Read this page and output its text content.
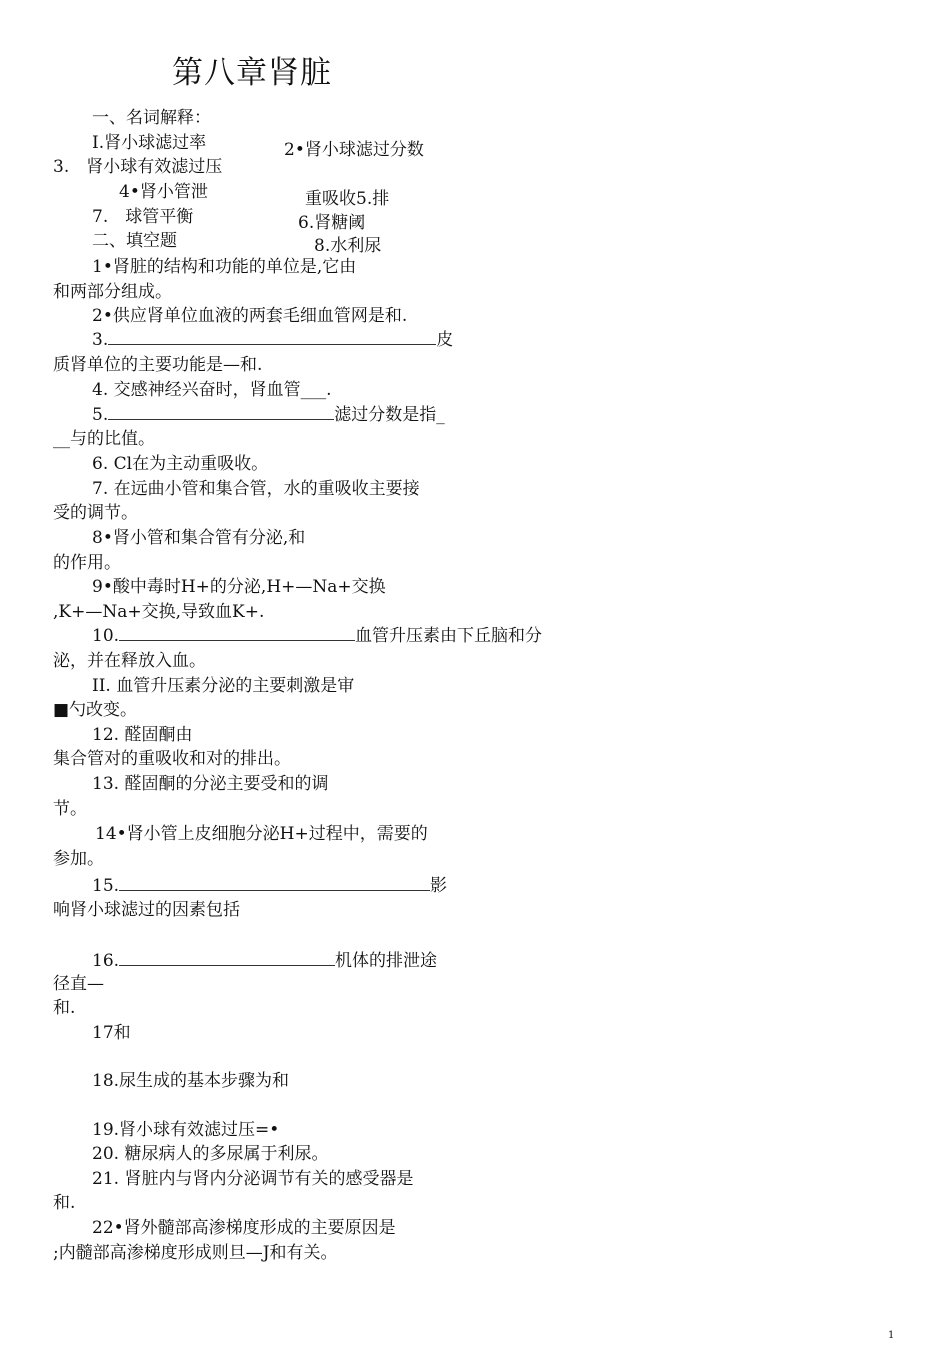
第八章肾脏
一、名词解释：
I.肾小球滤过率	2•肾小球滤过分数
3.　肾小球有效滤过压
4•肾小管泄	重吸收5.排
7.　球管平衡	6.肾糖阈
二、填空题	8.水利尿
1•肾脏的结构和功能的单位是,它由
和两部分组成。
2•供应肾单位血液的两套毛细血管网是和.
3.	皮
质肾单位的主要功能是—和.
4. 交感神经兴奋时，肾血管___.
5.	滤过分数是指_
__与的比值。
6. Cl在为主动重吸收。
7. 在远曲小管和集合管，水的重吸收主要接
受的调节。
8•肾小管和集合管有分泌,和
的作用。
9•酸中毒时H+的分泌,H+—Na+交换
,K+—Na+交换,导致血K+.
10.	血管升压素由下丘脑和分
泌，并在释放入血。
II. 血管升压素分泌的主要刺激是审
■勺改变。
12. 醛固酮由
集合管对的重吸收和对的排出。
13. 醛固酮的分泌主要受和的调
节。
14•肾小管上皮细胞分泌H+过程中，需要的
参加。
15.	影
响肾小球滤过的因素包括
16.	机体的排泄途
径直—
和.
17和
18.尿生成的基本步骤为和
19.肾小球有效滤过压=•
20. 糖尿病人的多尿属于利尿。
21. 肾脏内与肾内分泌调节有关的感受器是
和.
22•肾外髓部高渗梯度形成的主要原因是
;内髓部高渗梯度形成则旦—J和有关。
1
